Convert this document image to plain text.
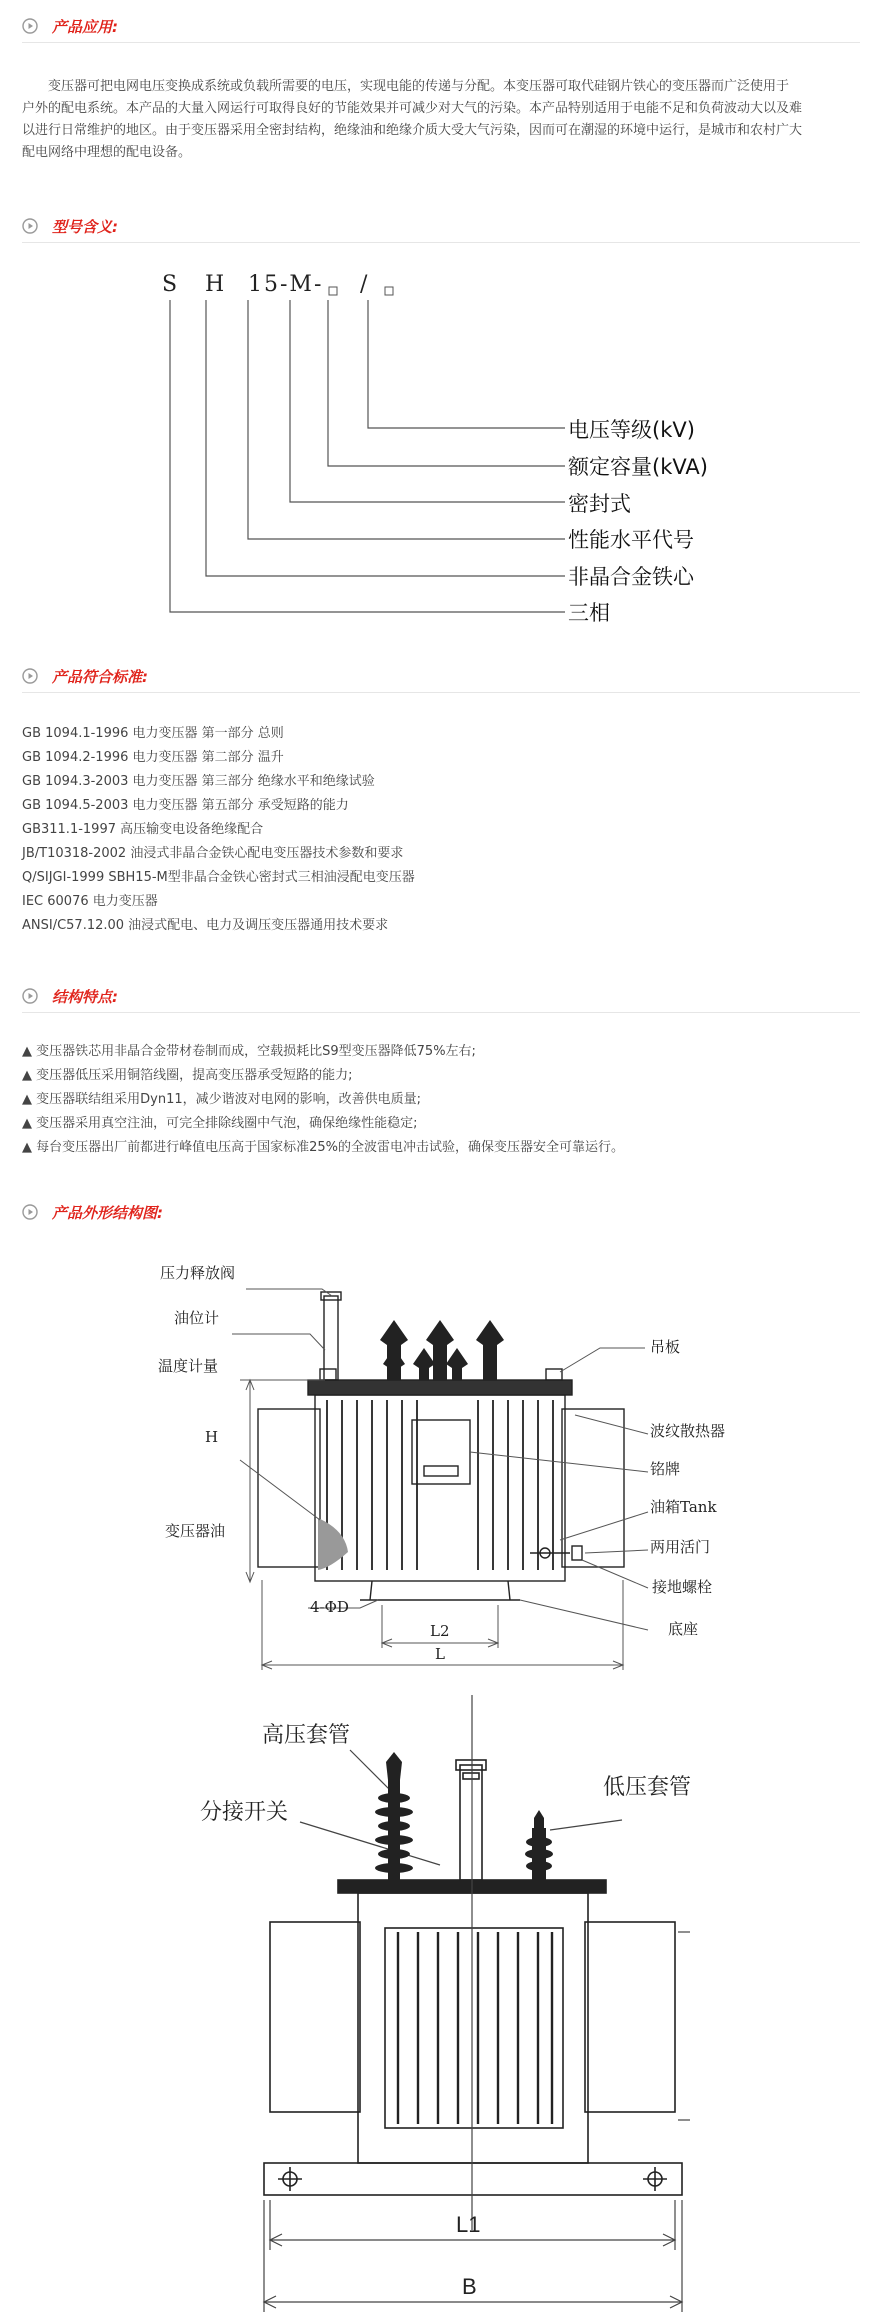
产品应用:
型号含义:
产品符合标准:
结构特点:
产品外形结构图:
变压器可把电网电压变换成系统或负载所需要的电压，实现电能的传递与分配。本变压器可取代硅钢片铁心的变压器而广泛使用于
户外的配电系统。本产品的大量入网运行可取得良好的节能效果并可减少对大气的污染。本产品特别适用于电能不足和负荷波动大以及难
以进行日常维护的地区。由于变压器采用全密封结构，绝缘油和绝缘介质大受大气污染，因而可在潮湿的环境中运行，是城市和农村广大
配电网络中理想的配电设备。
S H 15 -M- /
电压等级(kV)
额定容量(kVA)
密封式
性能水平代号
非晶合金铁心
三相
GB 1094.1-1996 电力变压器 第一部分 总则
GB 1094.2-1996 电力变压器 第二部分 温升
GB 1094.3-2003 电力变压器 第三部分 绝缘水平和绝缘试验
GB 1094.5-2003 电力变压器 第五部分 承受短路的能力
GB311.1-1997 高压输变电设备绝缘配合
JB/T10318-2002 油浸式非晶合金铁心配电变压器技术参数和要求
Q/SIJGI-1999 SBH15-M型非晶合金铁心密封式三相油浸配电变压器
IEC 60076 电力变压器
ANSI/C57.12.00 油浸式配电、电力及调压变压器通用技术要求
▲ 变压器铁芯用非晶合金带材卷制而成，空载损耗比S9型变压器降低75%左右;
▲ 变压器低压采用铜箔线圈，提高变压器承受短路的能力;
▲ 变压器联结组采用Dyn11，减少谐波对电网的影响，改善供电质量;
▲ 变压器采用真空注油，可完全排除线圈中气泡，确保绝缘性能稳定;
▲ 每台变压器出厂前都进行峰值电压高于国家标准25%的全波雷电冲击试验，确保变压器安全可靠运行。
压力释放阀
油位计
温度计量
H
变压器油
4-ΦD
L2
L
吊板
波纹散热器
铭牌
油箱Tank
两用活门
接地螺栓
底座
高压套管
分接开关
低压套管
L1
B
